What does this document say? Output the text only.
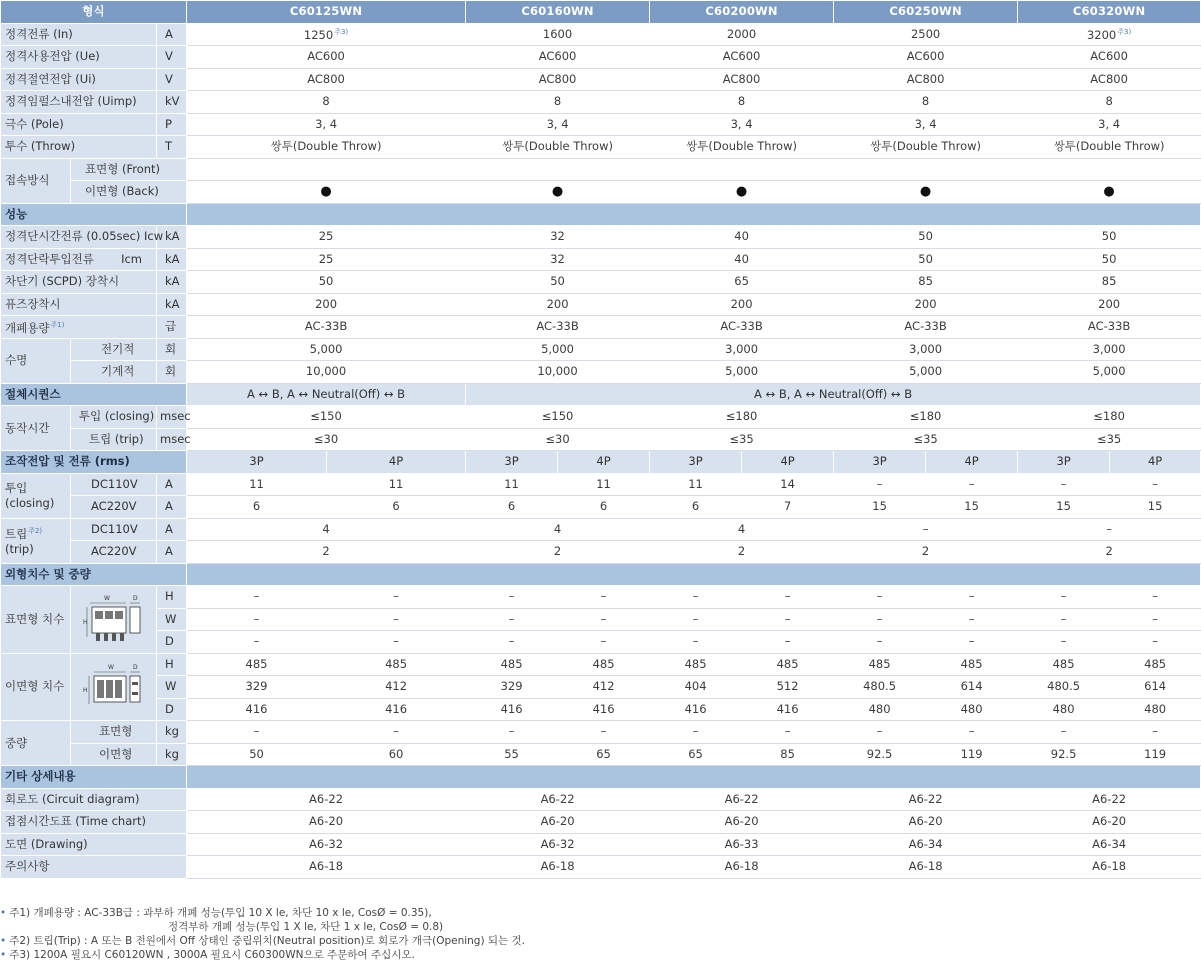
형식			C60125WN		C60160WN		C60200WN		C60250WN		C60320WN	
정격전류 (In)		A	$1250^{주3)}$		1600		2000		2500		$3200^{주3)}$
정격사용전압 (Ue)		V	AC600		AC600		AC600		AC600		AC600	
정격절연전압 (Ui)		V	AC800		AC800		AC800		AC800		AC800	
정격임펄스내전압 (Uimp)		kV	8		8		8		8		8	
극수 (Pole)		P	3, 4		3, 4		3, 4		3, 4		3, 4	
투수 (Throw)		T	쌍투(Double Throw)		쌍투(Double Throw)		쌍투(Double Throw)		쌍투(Double Throw)		쌍투(Double Throw)	
접속방식	표면형 (Front)											
	이면형 (Back)		●		●		●		●		●	
성능												
정격단시간전류 (0.05sec) Icw		kA	25		32		40		50		50	
정격단락투입전류 Icm		kA	25		32		40		50		50	
차단기 (SCPD) 장착시		kA	50		50		65		85		85	
퓨즈장착시		kA	200		200		200		200		200	
개폐용량$^{주1)}$		급	AC-33B		AC-33B		AC-33B		AC-33B		AC-33B	
수명	전기적	회	5,000		5,000		3,000		3,000		3,000	
	기계적	회	10,000		10,000		5,000		5,000		5,000	
절체시퀀스			A ↔ B, A ↔ Neutral(Off) ↔ B		A ↔ B, A ↔ Neutral(Off) ↔ B							
동작시간	투입 (closing)	msec	≤150		≤150		≤180		≤180		≤180	
	트립 (trip)	msec	≤30		≤30		≤35		≤35		≤35	
조작전압 및 전류 (rms)			3P	4P	3P	4P	3P	4P	3P	4P	3P	4P
투입
(closing)	DC110V	A	11	11	11	11	11	14	–	–	–	–
	AC220V	A	6	6	6	6	6	7	15	15	15	15
트립$^{주2)}$
(trip)	DC110V	A	4		4		4		–		–	
	AC220V	A	2		2		2		2		2	
외형치수 및 중량												
표면형 치수	W D
H	H	–	–	–	–	–	–	–	–	–	–
		W	–	–	–	–	–	–	–	–	–	–
		D	–	–	–	–	–	–	–	–	–	–
이면형 치수	W D
H	H	485	485	485	485	485	485	485	485	485	485
		W	329	412	329	412	404	512	480.5	614	480.5	614
		D	416	416	416	416	416	416	480	480	480	480
중량	표면형	kg	–	–	–	–	–	–	–	–	–	–
	이면형	kg	50	60	55	65	65	85	92.5	119	92.5	119
기타 상세내용												
회로도 (Circuit diagram)			A6-22		A6-22		A6-22		A6-22		A6-22	
접점시간도표 (Time chart)			A6-20		A6-20		A6-20		A6-20		A6-20	
도면 (Drawing)			A6-32		A6-32		A6-33		A6-34		A6-34	
주의사항			A6-18		A6-18		A6-18		A6-18		A6-18	
• 주1) 개폐용량 : AC-33B급 : 과부하 개폐 성능(투입 10 X le, 차단 10 x le, CosØ = 0.35),
정격부하 개폐 성능(투입 1 X le, 차단 1 x le, CosØ = 0.8)
• 주2) 트립(Trip) : A 또는 B 전원에서 Off 상태인 중립위치(Neutral position)로 회로가 개극(Opening) 되는 것.
• 주3) 1200A 필요시 C60120WN , 3000A 필요시 C60300WN으로 주문하여 주십시오.
